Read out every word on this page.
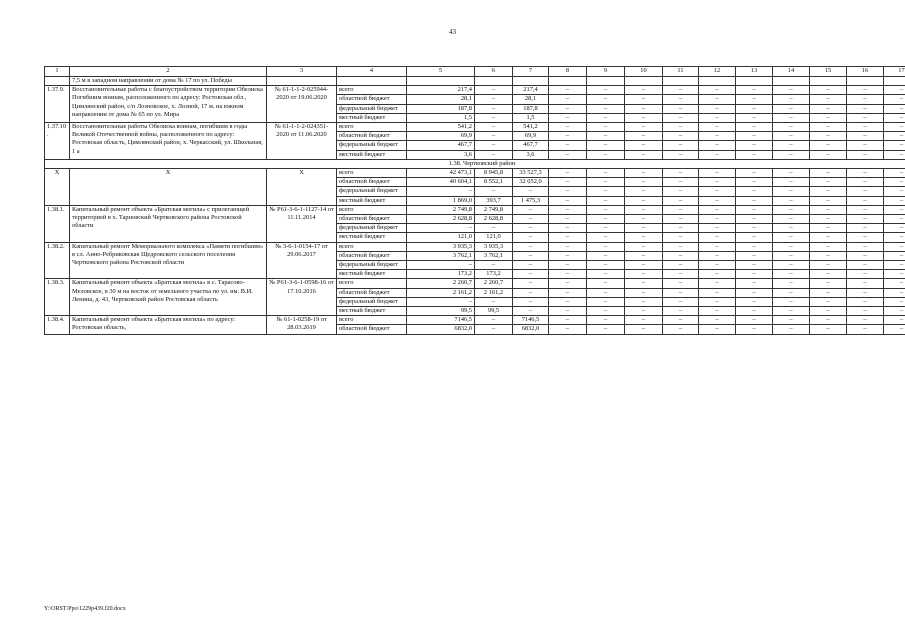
43
1	2	3	4	5	6	7	8	9	10	11	12	13	14	15	16	17
	7,5 м в западном направлении от дома № 17 по ул. Победы															
1.37.9.	Восстановительные работы с благоустройством территории Обелиска Погибшим воинам, расположенного по адресу: Ростовская обл., Цимлянский район, с/п Лозновское, х. Лозной, 17 м. на южном направлении от дома № 65 по ул. Мира	№ 61-1-1-2-025944-2020 от 19.06.2020	всего	217,4	–	217,4	–	–	–	–	–	–	–	–	–	–
			областной бюджет	28,1	–	28,1	–	–	–	–	–	–	–	–	–	–
			федеральный бюджет	187,8	–	187,8	–	–	–	–	–	–	–	–	–	–
			местный бюджет	1,5	–	1,5	–	–	–	–	–	–	–	–	–	–
1.37.10.	Восстановительные работы Обелиска воинам, погибшим в годы Великой Отечественной войны, расположенного по адресу: Ростовская область, Цимлянский район, х. Черкасский, ул. Школьная, 1 а	№ 61-1-1-2-024351-2020 от 11.06.2020	всего	541,2	–	541,2	–	–	–	–	–	–	–	–	–	–
			областной бюджет	69,9	–	69,9	–	–	–	–	–	–	–	–	–	–
			федеральный бюджет	467,7	–	467,7	–	–	–	–	–	–	–	–	–	–
			местный бюджет	3,6	–	3,6	–	–	–	–	–	–	–	–	–	–
1.38. Чертковский район																
X	X	X	всего	42 473,1	8 945,8	33 527,3	–	–	–	–	–	–	–	–	–	–
			областной бюджет	40 604,1	8 552,1	32 052,0	–	–	–	–	–	–	–	–	–	–
			федеральный бюджет	–	–	–	–	–	–	–	–	–	–	–	–	–
			местный бюджет	1 869,0	393,7	1 475,3	–	–	–	–	–	–	–	–	–	–
1.38.1.	Капитальный ремонт объекта «Братская могила» с прилегающей территорией в х. Тарновский Чертковского района Ростовской области	№ Р61-3-6-1-1127-14 от 11.11.2014	всего	2 749,8	2 749,8	–	–	–	–	–	–	–	–	–	–	–
			областной бюджет	2 628,8	2 628,8	–	–	–	–	–	–	–	–	–	–	–
			федеральный бюджет	–	–	–	–	–	–	–	–	–	–	–	–	–
			местный бюджет	121,0	121,0	–	–	–	–	–	–	–	–	–	–	–
1.38.2.	Капитальный ремонт Мемориального комплекса «Памяти погибшим» в сл. Анно-Ребриковская Щедровского сельского поселения Чертковского района Ростовской области	№ 3-6-1-0154-17 от 29.06.2017	всего	3 935,3	3 935,3	–	–	–	–	–	–	–	–	–	–	–
			областной бюджет	3 762,1	3 762,1	–	–	–	–	–	–	–	–	–	–	–
			федеральный бюджет	–	–	–	–	–	–	–	–	–	–	–	–	–
			местный бюджет	173,2	173,2	–	–	–	–	–	–	–	–	–	–	–
1.38.3.	Капитальный ремонт объекта «Братская могила» в с. Тарасово-Меловское, в 30 м на восток от земельного участка по ул. им. В.И. Ленина, д. 43, Чертковский район Ростовская область	№ Р61-3-6-1-0598-16 от 17.10.2016	всего	2 260,7	2 260,7	–	–	–	–	–	–	–	–	–	–	–
			областной бюджет	2 161,2	2 161,2	–	–	–	–	–	–	–	–	–	–	–
			федеральный бюджет	–	–	–	–	–	–	–	–	–	–	–	–	–
			местный бюджет	99,5	99,5	–	–	–	–	–	–	–	–	–	–	–
1.38.4.	Капитальный ремонт объекта «Братская могила» по адресу: Ростовская область,	№ 61-1-0258-19 от 28.03.2019	всего	7146,5	–	7146,5	–	–	–	–	–	–	–	–	–	–
			областной бюджет	6832,0	–	6832,0	–	–	–	–	–	–	–	–	–	–
Y:\ORST\Ppo\1229p439.f20.docx
